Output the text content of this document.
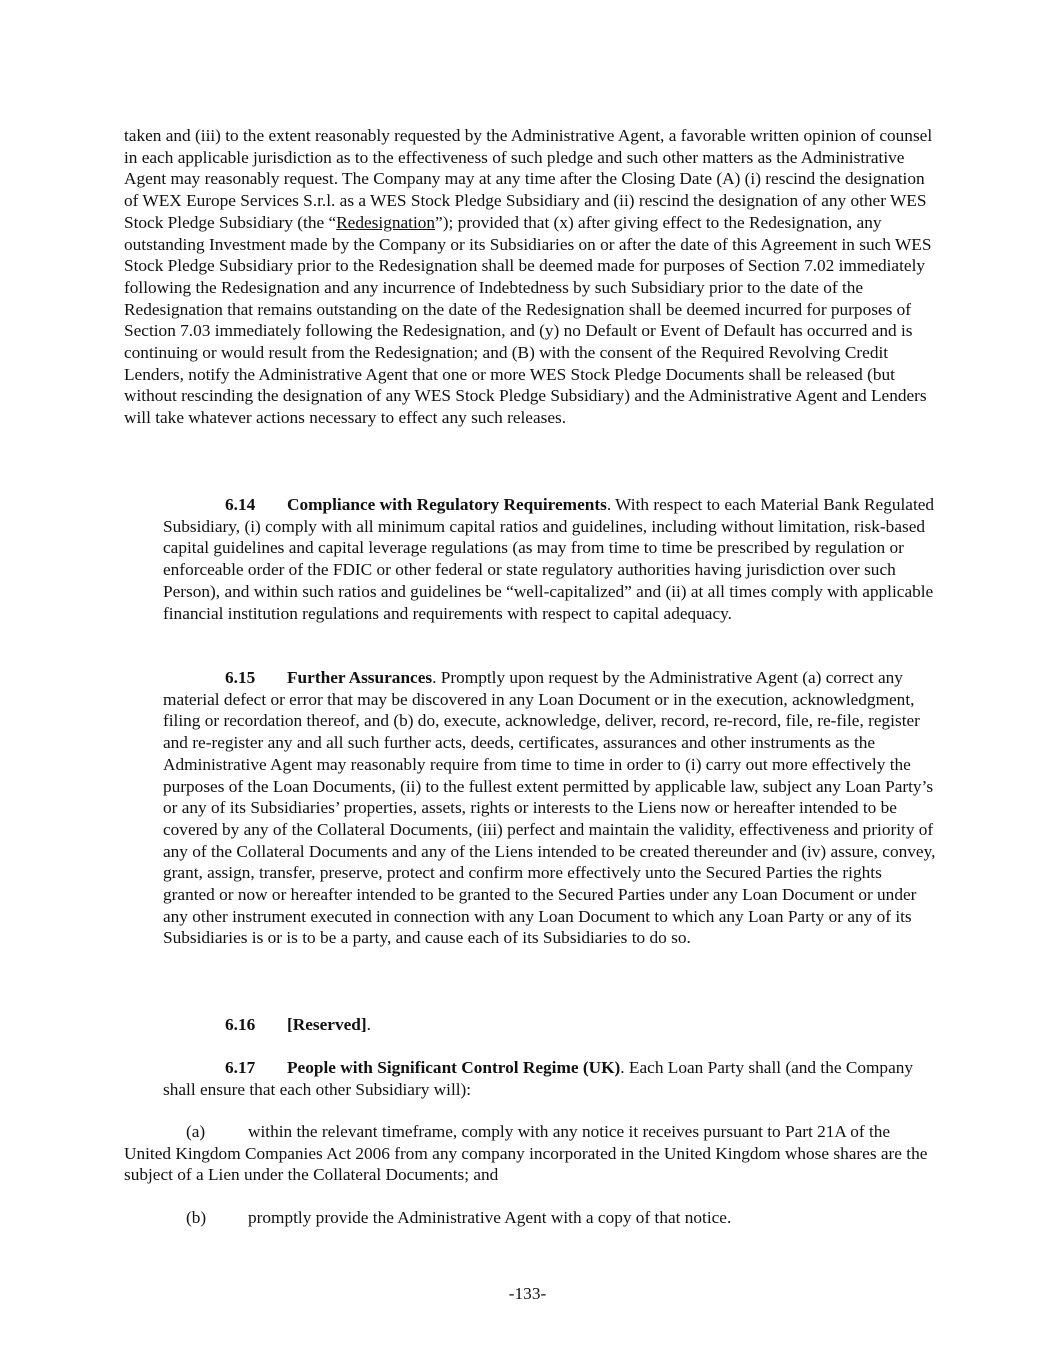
taken and (iii) to the extent reasonably requested by the Administrative Agent, a favorable written opinion of counsel in each applicable jurisdiction as to the effectiveness of such pledge and such other matters as the Administrative Agent may reasonably request. The Company may at any time after the Closing Date (A) (i) rescind the designation of WEX Europe Services S.r.l. as a WES Stock Pledge Subsidiary and (ii) rescind the designation of any other WES Stock Pledge Subsidiary (the “Redesignation”); provided that (x) after giving effect to the Redesignation, any outstanding Investment made by the Company or its Subsidiaries on or after the date of this Agreement in such WES Stock Pledge Subsidiary prior to the Redesignation shall be deemed made for purposes of Section 7.02 immediately following the Redesignation and any incurrence of Indebtedness by such Subsidiary prior to the date of the Redesignation that remains outstanding on the date of the Redesignation shall be deemed incurred for purposes of Section 7.03 immediately following the Redesignation, and (y) no Default or Event of Default has occurred and is continuing or would result from the Redesignation; and (B) with the consent of the Required Revolving Credit Lenders, notify the Administrative Agent that one or more WES Stock Pledge Documents shall be released (but without rescinding the designation of any WES Stock Pledge Subsidiary) and the Administrative Agent and Lenders will take whatever actions necessary to effect any such releases.

6.14 Compliance with Regulatory Requirements. With respect to each Material Bank Regulated Subsidiary, (i) comply with all minimum capital ratios and guidelines, including without limitation, risk-based capital guidelines and capital leverage regulations (as may from time to time be prescribed by regulation or enforceable order of the FDIC or other federal or state regulatory authorities having jurisdiction over such Person), and within such ratios and guidelines be “well-capitalized” and (ii) at all times comply with applicable financial institution regulations and requirements with respect to capital adequacy.

6.15 Further Assurances. Promptly upon request by the Administrative Agent (a) correct any material defect or error that may be discovered in any Loan Document or in the execution, acknowledgment, filing or recordation thereof, and (b) do, execute, acknowledge, deliver, record, re-record, file, re-file, register and re-register any and all such further acts, deeds, certificates, assurances and other instruments as the Administrative Agent may reasonably require from time to time in order to (i) carry out more effectively the purposes of the Loan Documents, (ii) to the fullest extent permitted by applicable law, subject any Loan Party’s or any of its Subsidiaries’ properties, assets, rights or interests to the Liens now or hereafter intended to be covered by any of the Collateral Documents, (iii) perfect and maintain the validity, effectiveness and priority of any of the Collateral Documents and any of the Liens intended to be created thereunder and (iv) assure, convey, grant, assign, transfer, preserve, protect and confirm more effectively unto the Secured Parties the rights granted or now or hereafter intended to be granted to the Secured Parties under any Loan Document or under any other instrument executed in connection with any Loan Document to which any Loan Party or any of its Subsidiaries is or is to be a party, and cause each of its Subsidiaries to do so.

6.16 [Reserved].

6.17 People with Significant Control Regime (UK). Each Loan Party shall (and the Company shall ensure that each other Subsidiary will):

(a) within the relevant timeframe, comply with any notice it receives pursuant to Part 21A of the United Kingdom Companies Act 2006 from any company incorporated in the United Kingdom whose shares are the subject of a Lien under the Collateral Documents; and

(b) promptly provide the Administrative Agent with a copy of that notice.

-133-
